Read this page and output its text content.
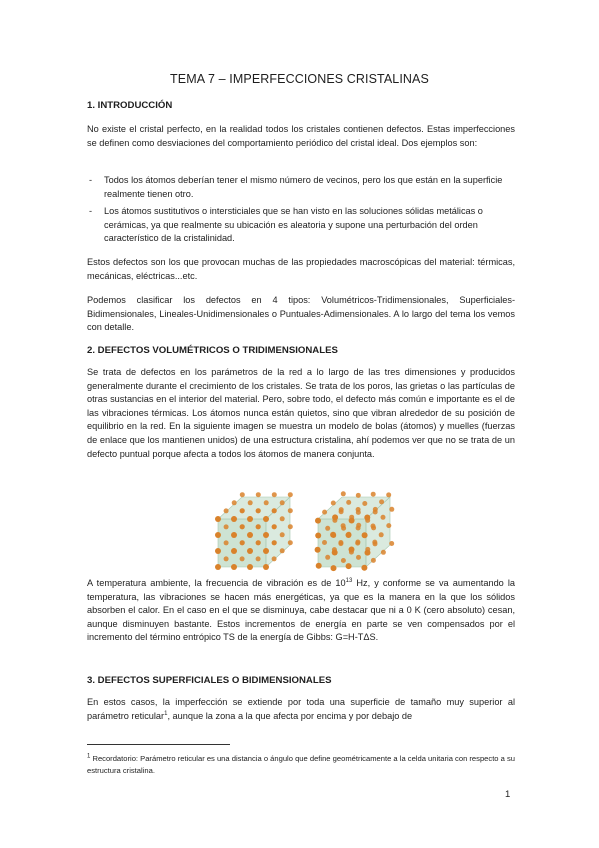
TEMA 7 – IMPERFECCIONES CRISTALINAS
1. INTRODUCCIÓN
No existe el cristal perfecto, en la realidad todos los cristales contienen defectos. Estas imperfecciones se definen como desviaciones del comportamiento periódico del cristal ideal. Dos ejemplos son:
- Todos los átomos deberían tener el mismo número de vecinos, pero los que están en la superficie realmente tienen otro.
- Los átomos sustitutivos o intersticiales que se han visto en las soluciones sólidas metálicas o cerámicas, ya que realmente su ubicación es aleatoria y supone una perturbación del orden característico de la cristalinidad.
Estos defectos son los que provocan muchas de las propiedades macroscópicas del material: térmicas, mecánicas, eléctricas...etc.
Podemos clasificar los defectos en 4 tipos: Volumétricos-Tridimensionales, Superficiales-Bidimensionales, Lineales-Unidimensionales o Puntuales-Adimensionales. A lo largo del tema los vemos con detalle.
2. DEFECTOS VOLUMÉTRICOS O TRIDIMENSIONALES
Se trata de defectos en los parámetros de la red a lo largo de las tres dimensiones y producidos generalmente durante el crecimiento de los cristales. Se trata de los poros, las grietas o las partículas de otras sustancias en el interior del material. Pero, sobre todo, el defecto más común e importante es el de las vibraciones térmicas. Los átomos nunca están quietos, sino que vibran alrededor de su posición de equilibrio en la red. En la siguiente imagen se muestra un modelo de bolas (átomos) y muelles (fuerzas de enlace que los mantienen unidos) de una estructura cristalina, ahí podemos ver que no se trata de un defecto puntual porque afecta a todos los átomos de manera conjunta.
A temperatura ambiente, la frecuencia de vibración es de $10^{13}$ Hz, y conforme se va aumentando la temperatura, las vibraciones se hacen más energéticas, ya que es la manera en la que los sólidos absorben el calor. En el caso en el que se disminuya, cabe destacar que ni a 0 K (cero absoluto) cesan, aunque disminuyen bastante. Estos incrementos de energía en parte se ven compensados por el incremento del término entrópico TS de la energía de Gibbs: G=H-TΔS.
3. DEFECTOS SUPERFICIALES O BIDIMENSIONALES
En estos casos, la imperfección se extiende por toda una superficie de tamaño muy superior al parámetro reticular$^1$, aunque la zona a la que afecta por encima y por debajo de
$^1$ Recordatorio: Parámetro reticular es una distancia o ángulo que define geométricamente a la celda unitaria con respecto a su estructura cristalina.
1
